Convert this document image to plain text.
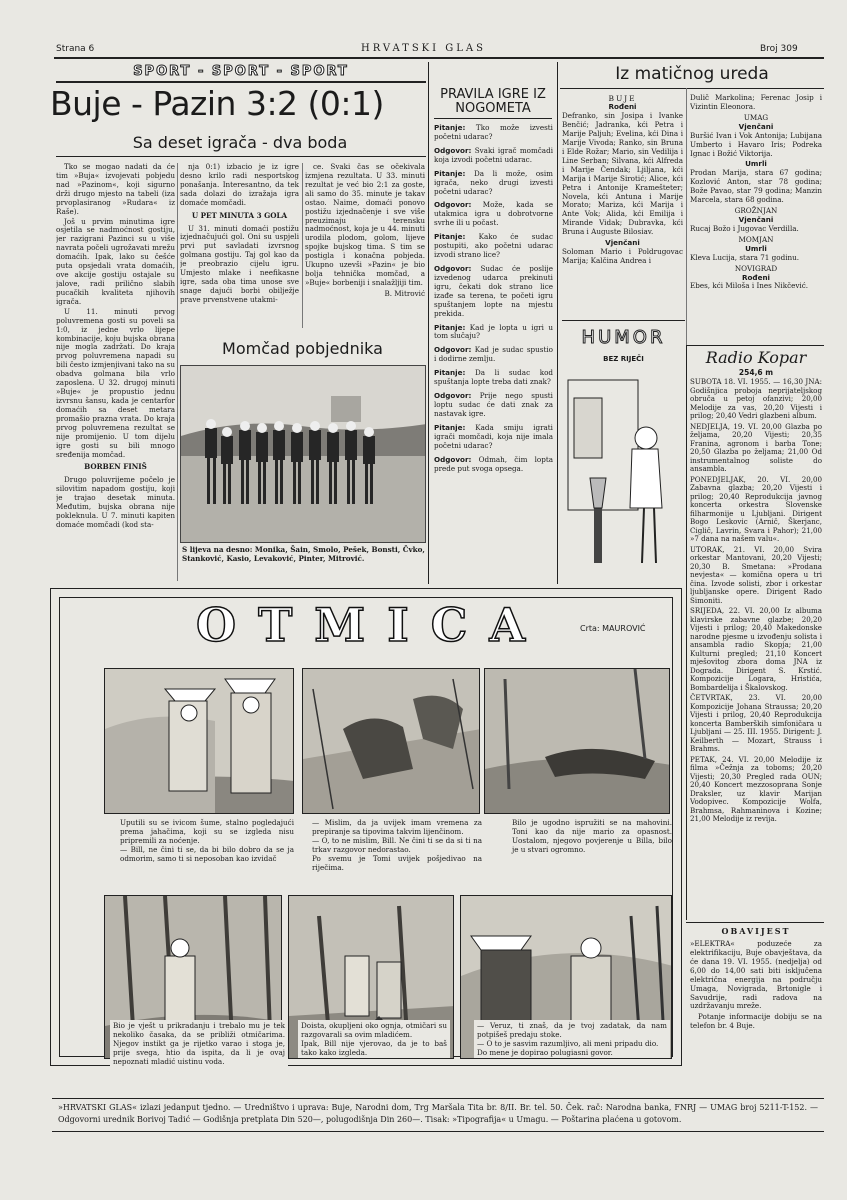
Strana 6	HRVATSKI GLAS	Broj 309
SPORT - SPORT - SPORT
Buje - Pazin 3:2 (0:1)
Sa deset igrača - dva boda

Tko se mogao nadati da će tim »Buja« izvojevati pobjedu nad »Pazinom«, koji sigurno drži drugo mjesto na tabeli (iza prvoplasiranog »Rudara« iz Raše).

Još u prvim minutima igre osjetila se nadmoćnost gostiju, jer razigrani Pazinci su u više navrata počeli ugrožavati mrežu domaćih. Ipak, lako su češće puta opsjedali vrata domaćih, ove akcije gostiju ostajale su jalove, radi prilično slabih pucačkih kvaliteta njihovih igrača.

U 11. minuti prvog poluvremena gosti su poveli sa 1:0, iz jedne vrlo lijepe kombinacije, koju bujska obrana nije mogla zadržati. Do kraja prvog poluvremena napadi su bili često izmjenjivani tako na su obadva golmana bila vrlo zaposlena. U 32. drugoj minuti »Buje« je propustio jednu izvrsnu šansu, kada je centarfor domaćih sa deset metara promašio prazna vrata. Do kraja prvog poluvremena rezultat se nije promijenio. U tom dijelu igre gosti su bili mnogo sređenija momčad.

BORBEN FINIŠ

Drugo poluvrijeme počelo je silovitim napadom gostiju, koji je trajao desetak minuta. Međutim, bujska obrana nije pokleknula. U 7. minuti kapiten domaće momčadi (kod sta-

nja 0:1) izbacio je iz igre desno krilo radi nesportskog ponašanja. Interesantno, da tek sada dolazi do izražaja igra domaće momčadi.

U PET MINUTA 3 GOLA

U 31. minuti domaći postižu izjednačujući gol. Oni su uspjeli prvi put savladati izvrsnog golmana gostiju. Taj gol kao da je preobrazio cijelu igru. Umjesto mlake i neefikasne igre, sada oba tima unose sve snage dajući borbi obilježje prave prvenstvene utakmi-

ce. Svaki čas se očekivala izmjena rezultata. U 33. minuti rezultat je već bio 2:1 za goste, ali samo do 35. minute je takav ostao. Naime, domaći ponovo postižu izjednačenje i sve više preuzimaju terensku nadmoćnost, koja je u 44. minuti urodila plodom, golom, lijeve spojke bujskog tima. S tim se postigla i konačna pobjeda. Ukupno uzevši »Pazin« je bio bolja tehnička momčad, a »Buje« borbeniji i snalažljiji tim.

B. Mitrović
Momčad pobjednika
S lijeva na desno: Monika, Šain, Smolo, Pešek, Bonsti, Čvko, Stanković, Kasio, Levaković, Pinter, Mitrović.
PRAVILA IGRE IZ NOGOMETA

Pitanje: Tko može izvesti početni udarac?

Odgovor: Svaki igrač momčadi koja izvodi početni udarac.

Pitanje: Da li može, osim igrača, neko drugi izvesti početni udarac?

Odgovor: Može, kada se utakmica igra u dobrotvorne svrhe ili u počast.

Pitanje: Kako će sudac postupiti, ako početni udarac izvodi strano lice?

Odgovor: Sudac će poslije izvedenog udarca prekinuti igru, čekati dok strano lice izađe sa terena, te početi igru spuštanjem lopte na mjestu prekida.

Pitanje: Kad je lopta u igri u tom slučaju?

Odgovor: Kad je sudac spustio i dodirne zemlju.

Pitanje: Da li sudac kod spuštanja lopte treba dati znak?

Odgovor: Prije nego spusti loptu sudac će dati znak za nastavak igre.

Pitanje: Kada smiju igrati igrači momčadi, koja nije imala početni udarac?

Odgovor: Odmah, čim lopta prede put svoga opsega.

Iz matičnog ureda
BUJE
Rođeni
Defranko, sin Josipa i Ivanke Benčić; Jadranka, kći Petra i Marije Paljuh; Evelina, kći Dina i Marije Vivoda; Ranko, sin Bruna i Elde Rožar; Mario, sin Vedilija i Line Serban; Silvana, kći Alfreda i Marije Čendak; Ljiljana, kći Marija i Marije Sirotić; Alice, kći Petra i Antonije Kramešteter; Novela, kći Antuna i Marije Morato; Mariza, kći Marija i Ante Vok; Alida, kći Emilija i Mirande Vidak; Dubravka, kći Bruna i Auguste Bilosiav.
Vjenčani
Soloman Mario i Poldrugovac Marija; Kalčina Andrea i
Dulič Markolina; Ferenac Josip i Vizintin Eleonora.
UMAG
Vjenčani
Buršić Ivan i Vok Antonija; Lubijana Umberto i Havaro Iris; Podreka Ignac i Božić Viktorija.
Umrli
Prodan Marija, stara 67 godina; Kozlović Anton, star 78 godina; Bože Pavao, star 79 godina; Manzin Marcela, stara 68 godina.
GROŽNJAN
Vjenčani
Rucaj Božo i Jugovac Verdilla.
MOMJAN
Umrli
Kleva Lucija, stara 71 godinu.
NOVIGRAD
Rođeni
Ebes, kći Miloša i Ines Nikčević.
HUMOR
BEZ RIJEČI	Radio Kopar
254,6 m
SUBOTA 18. VI. 1955. — 16,30 JNA: Godišnjica proboja neprijateljskog obruča u petoj ofanzivi; 20,00 Melodije za vas, 20,20 Vijesti i prilog; 20,40 Vedri glazbeni album.
NEDJELJA, 19. VI. 20,00 Glazba po željama, 20,20 Vijesti; 20,35 Franina, agronom i barba Tone; 20,50 Glazba po željama; 21,00 Od instrumentalnog soliste do ansambla.
PONEDJELJAK, 20. VI. 20,00 Zabavna glazba; 20,20 Vijesti i prilog; 20,40 Reprodukcija javnog koncerta orkestra Slovenske filharmonije u Ljubljani. Dirigent Bogo Leskovic (Arnič, Škerjanc, Ciglič, Lavrin, Svara i Pahor); 21,00 »7 dana na našem valu«.
UTORAK, 21. VI. 20,00 Svira orkestar Mantovani, 20,20 Vijesti; 20,30 B. Smetana: »Prodana nevjesta« — komična opera u tri čina. Izvode solisti, zbor i orkestar ljubljanske opere. Dirigent Rado Simoniti.
SRIJEDA, 22. VI. 20,00 Iz albuma klavirske zabavne glazbe; 20,20 Vijesti i prilog; 20,40 Makedonske narodne pjesme u izvođenju solista i ansambla radio Skopja; 21,00 Kulturni pregled; 21,10 Koncert mješovitog zbora doma JNA iz Dograda. Dirigent S. Krstić. Kompozicije Logara, Hristića, Bombardelija i Škalovskog.
ČETVRTAK, 23. VI. 20,00 Kompozicije Johana Straussa; 20,20 Vijesti i prilog, 20,40 Reprodukcija koncerta Bamberških simfoničara u Ljubljani — 25. III. 1955. Dirigent: J. Keilberth — Mozart, Strauss i Brahms.
PETAK, 24. VI. 20,00 Melodije iz filma »Čežnja za toboms; 20,20 Vijesti; 20,30 Pregled rada OUN; 20,40 Koncert mezzosoprana Sonje Draksler, uz klavir Marijan Vodopivec. Kompozicije Wolfa, Brahmsa, Rahmaninova i Kozine; 21,00 Melodije iz revija.
OBAVIJEST
»ELEKTRA« poduzeće za elektrifikaciju, Buje obavještava, da će dana 19. VI. 1955. (nedjelja) od 6,00 do 14,00 sati biti isključena električna energija na području Umaga, Novigrada, Brtonigle i Savudrije, radi radova na uzdržavanju mreže.
Potanje informacije dobiju se na telefon br. 4 Buje.
OTMICA	Crta: MAUROVIĆ
Uputili su se ivicom šume, stalno pogledajući prema jahačima, koji su se izgleda nisu pripremili za noćenje.
— Bill, ne čini ti se, da bi bilo dobro da se ja odmorim, samo ti si neposoban kao izvidač
— Mislim, da ja uvijek imam vremena za prepiranje sa tipovima takvim lijenčinom.
— O, to ne mislim, Bill. Ne čini ti se da si ti na trkav razgovor nedorastao.
Po svemu je Tomi uvijek pošjedivao na riječima.
Bilo je ugodno ispružiti se na mahovini. Toni kao da nije mario za opasnost. Uostalom, njegovo povjerenje u Billa, bilo je u stvari ogromno.
Bio je vješt u prikradanju i trebalo mu je tek nekoliko časaka, da se približi otmičarima. Njegov instikt ga je rijetko varao i stoga je, prije svega, htio da ispita, da li je ovaj nepoznati mladić uistinu voda.
Doista, okupljeni oko ognja, otmičari su razgovarali sa ovim mladićem.
Ipak, Bill nije vjerovao, da je to baš tako kako izgleda.
— Veruz, ti znaš, da je tvoj zadatak, da nam potpišeš predaju stoke.
— O to je sasvim razumljivo, ali meni pripadu dio.
Do mene je dopirao polugiasni govor.
»HRVATSKI GLAS« izlazi jedanput tjedno. — Uredništvo i uprava: Buje, Narodni dom, Trg Maršala Tita br. 8/II. Br. tel. 50. Ček. rač: Narodna banka, FNRJ — UMAG broj 5211-T-152. — Odgovorni urednik Borivoj Tadić — Godišnja pretplata Din 520—, polugodišnja Din 260—. Tisak: »Tipografija« u Umagu. — Poštarina plaćena u gotovom.
